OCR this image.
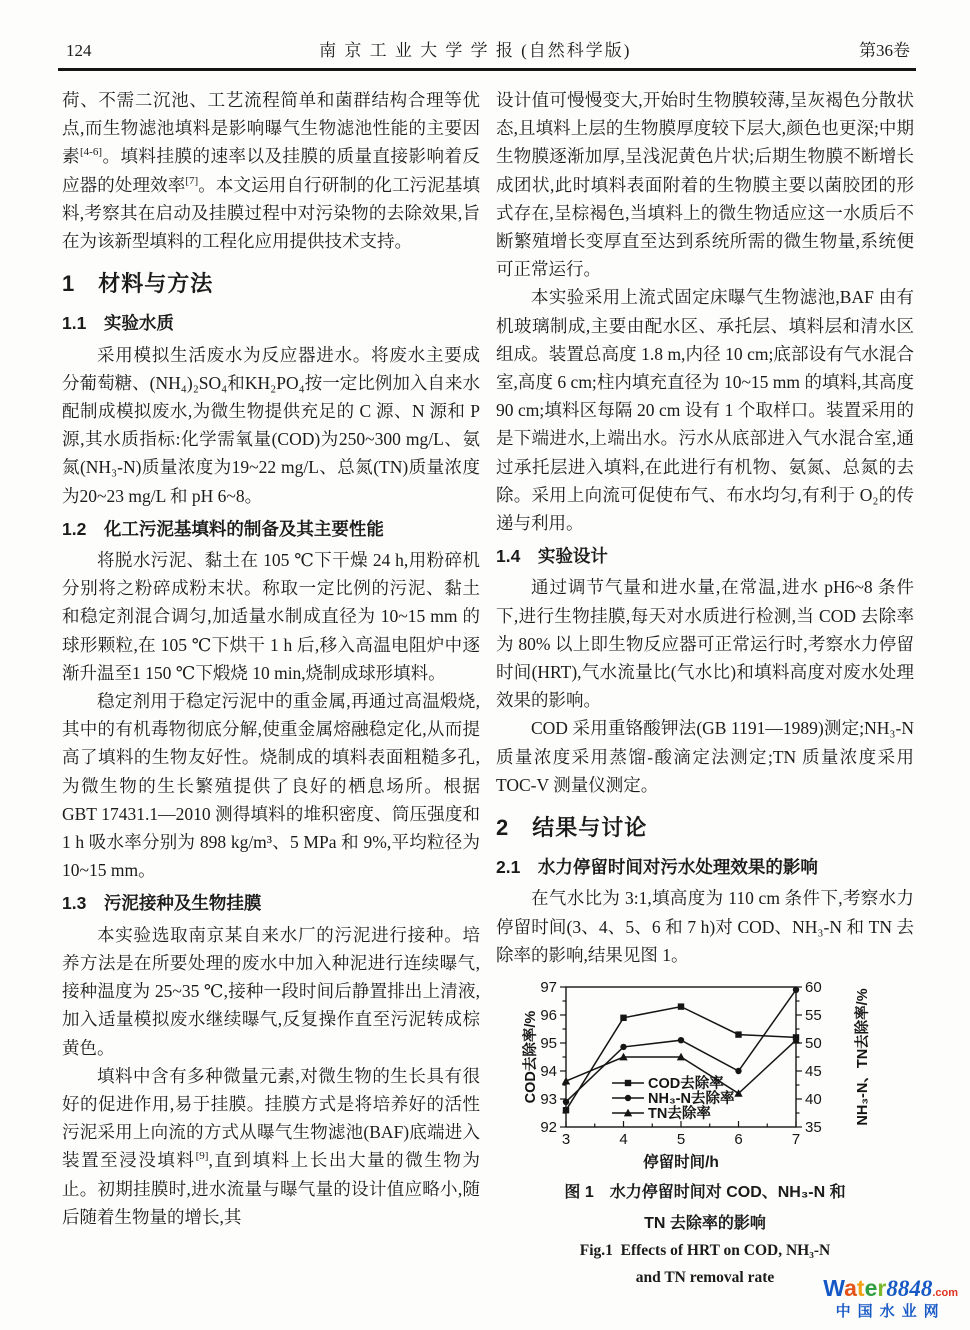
124	南 京 工 业 大 学 学 报 (自然科学版)	第36卷

荷、不需二沉池、工艺流程简单和菌群结构合理等优点,而生物滤池填料是影响曝气生物滤池性能的主要因素[4-6]。填料挂膜的速率以及挂膜的质量直接影响着反应器的处理效率[7]。本文运用自行研制的化工污泥基填料,考察其在启动及挂膜过程中对污染物的去除效果,旨在为该新型填料的工程化应用提供技术支持。

1　材料与方法
1.1　实验水质

采用模拟生活废水为反应器进水。将废水主要成分葡萄糖、(NH₄)₂SO₄和KH₂PO₄按一定比例加入自来水配制成模拟废水,为微生物提供充足的 C 源、N 源和 P 源,其水质指标:化学需氧量(COD)为250~300 mg/L、氨氮(NH₃-N)质量浓度为19~22 mg/L、总氮(TN)质量浓度为20~23 mg/L 和 pH 6~8。

1.2　化工污泥基填料的制备及其主要性能

将脱水污泥、黏土在 105 ℃下干燥 24 h,用粉碎机分别将之粉碎成粉末状。称取一定比例的污泥、黏土和稳定剂混合调匀,加适量水制成直径为 10~15 mm 的球形颗粒,在 105 ℃下烘干 1 h 后,移入高温电阻炉中逐渐升温至1 150 ℃下煅烧 10 min,烧制成球形填料。

稳定剂用于稳定污泥中的重金属,再通过高温煅烧,其中的有机毒物彻底分解,使重金属熔融稳定化,从而提高了填料的生物友好性。烧制成的填料表面粗糙多孔,为微生物的生长繁殖提供了良好的栖息场所。根据 GBT 17431.1—2010 测得填料的堆积密度、筒压强度和 1 h 吸水率分别为 898 kg/m³、5 MPa 和 9%,平均粒径为 10~15 mm。

1.3　污泥接种及生物挂膜

本实验选取南京某自来水厂的污泥进行接种。培养方法是在所要处理的废水中加入种泥进行连续曝气,接种温度为 25~35 ℃,接种一段时间后静置排出上清液,加入适量模拟废水继续曝气,反复操作直至污泥转成棕黄色。

填料中含有多种微量元素,对微生物的生长具有很好的促进作用,易于挂膜。挂膜方式是将培养好的活性污泥采用上向流的方式从曝气生物滤池(BAF)底端进入装置至浸没填料[9],直到填料上长出大量的微生物为止。初期挂膜时,进水流量与曝气量的设计值应略小,随后随着生物量的增长,其

设计值可慢慢变大,开始时生物膜较薄,呈灰褐色分散状态,且填料上层的生物膜厚度较下层大,颜色也更深;中期生物膜逐渐加厚,呈浅泥黄色片状;后期生物膜不断增长成团状,此时填料表面附着的生物膜主要以菌胶团的形式存在,呈棕褐色,当填料上的微生物适应这一水质后不断繁殖增长变厚直至达到系统所需的微生物量,系统便可正常运行。

本实验采用上流式固定床曝气生物滤池,BAF 由有机玻璃制成,主要由配水区、承托层、填料层和清水区组成。装置总高度 1.8 m,内径 10 cm;底部设有气水混合室,高度 6 cm;柱内填充直径为 10~15 mm 的填料,其高度 90 cm;填料区每隔 20 cm 设有 1 个取样口。装置采用的是下端进水,上端出水。污水从底部进入气水混合室,通过承托层进入填料,在此进行有机物、氨氮、总氮的去除。采用上向流可促使布气、布水均匀,有利于 O₂的传递与利用。

1.4　实验设计

通过调节气量和进水量,在常温,进水 pH6~8 条件下,进行生物挂膜,每天对水质进行检测,当 COD 去除率为 80% 以上即生物反应器可正常运行时,考察水力停留时间(HRT),气水流量比(气水比)和填料高度对废水处理效果的影响。

COD 采用重铬酸钾法(GB 1191—1989)测定;NH₃-N 质量浓度采用蒸馏-酸滴定法测定;TN 质量浓度采用 TOC-V 测量仪测定。

2　结果与讨论
2.1　水力停留时间对污水处理效果的影响

在气水比为 3:1,填高度为 110 cm 条件下,考察水力停留时间(3、4、5、6 和 7 h)对 COD、NH₃-N 和 TN 去除率的影响,结果见图 1。

92
93
94
95
96
97
COD去除率/%
35
40
45
50
55
60
NH₃-N、TN去除率/%
3	4	5	6	7
停留时间/h
COD去除率
NH₃-N去除率
TN去除率
图 1　水力停留时间对 COD、NH₃-N 和
TN 去除率的影响
Fig.1 Effects of HRT on COD, NH₃-N
and TN removal rate	Water8848.com
中国水业网
